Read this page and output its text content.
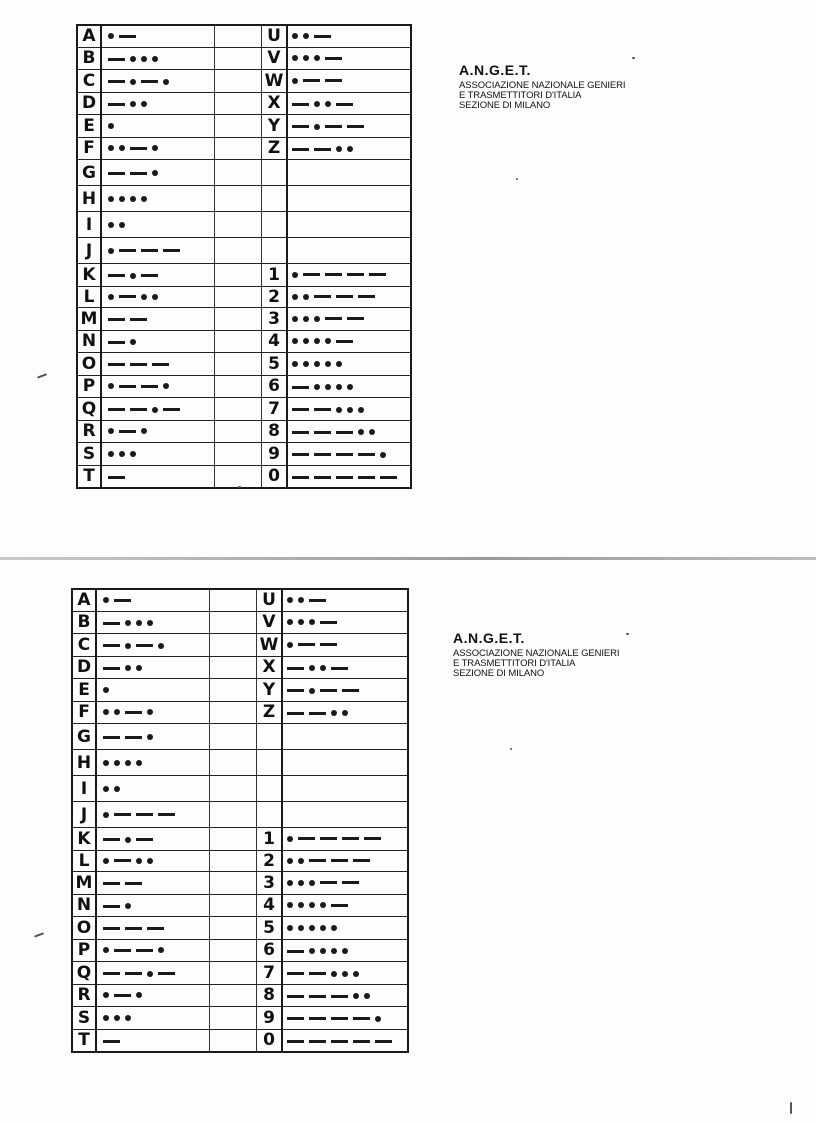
A			U	

B			V	

C			W	

D			X	

E			Y	

F			Z	

G	

H	

I	

J	

K			1	

L			2	

M			3	

N			4	

O			5	

P			6	

Q			7	

R			8	

S			9	

T			0	
A.N.G.E.T.
ASSOCIAZIONE NAZIONALE GENIERI
E TRASMETTITORI D'ITALIA
SEZIONE DI MILANO
A			U	

B			V	

C			W	

D			X	

E			Y	

F			Z	

G	

H	

I	

J	

K			1	

L			2	

M			3	

N			4	

O			5	

P			6	

Q			7	

R			8	

S			9	

T			0	
A.N.G.E.T.
ASSOCIAZIONE NAZIONALE GENIERI
E TRASMETTITORI D'ITALIA
SEZIONE DI MILANO
